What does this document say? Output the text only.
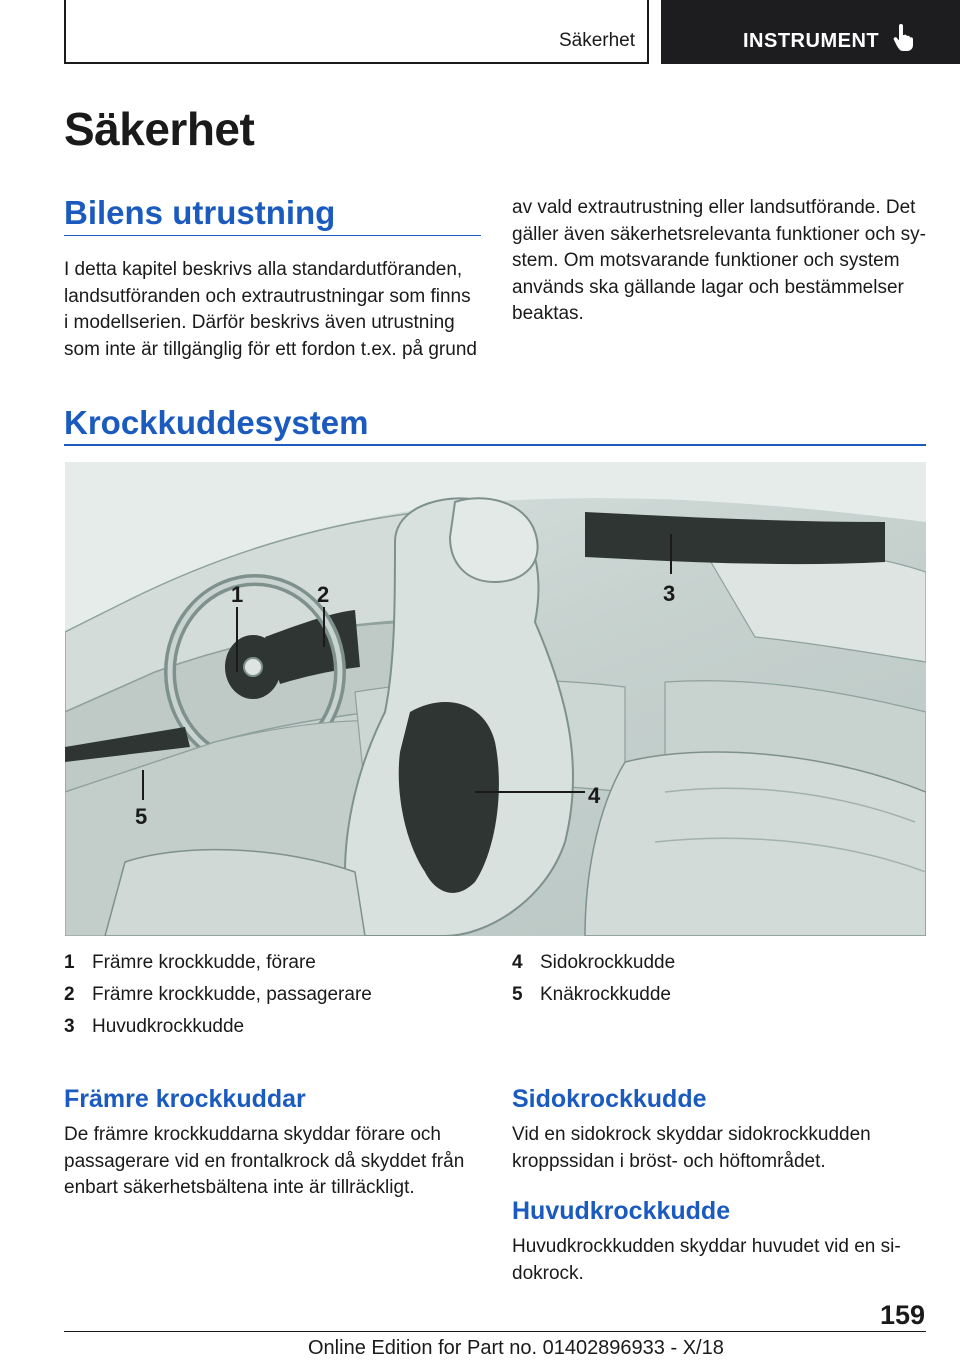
Säkerhet	INSTRUMENT
Säkerhet
Bilens utrustning
I detta kapitel beskrivs alla standardutföranden,
landsutföranden och extrautrustningar som finns
i modellserien. Därför beskrivs även utrustning
som inte är tillgänglig för ett fordon t.ex. på grund
av vald extrautrustning eller landsutförande. Det
gäller även säkerhetsrelevanta funktioner och sy-
stem. Om motsvarande funktioner och system
används ska gällande lagar och bestämmelser
beaktas.
Krockkuddesystem
1	2	3
4
5
1 Främre krockkudde, förare
2 Främre krockkudde, passagerare
3 Huvudkrockkudde
4 Sidokrockkudde
5 Knäkrockkudde
Främre krockkuddar
De främre krockkuddarna skyddar förare och
passagerare vid en frontalkrock då skyddet från
enbart säkerhetsbältena inte är tillräckligt.
Sidokrockkudde
Vid en sidokrock skyddar sidokrockkudden
kroppssidan i bröst- och höftområdet.
Huvudkrockkudde
Huvudkrockkudden skyddar huvudet vid en si-
dokrock.
159
Online Edition for Part no. 01402896933 - X/18
